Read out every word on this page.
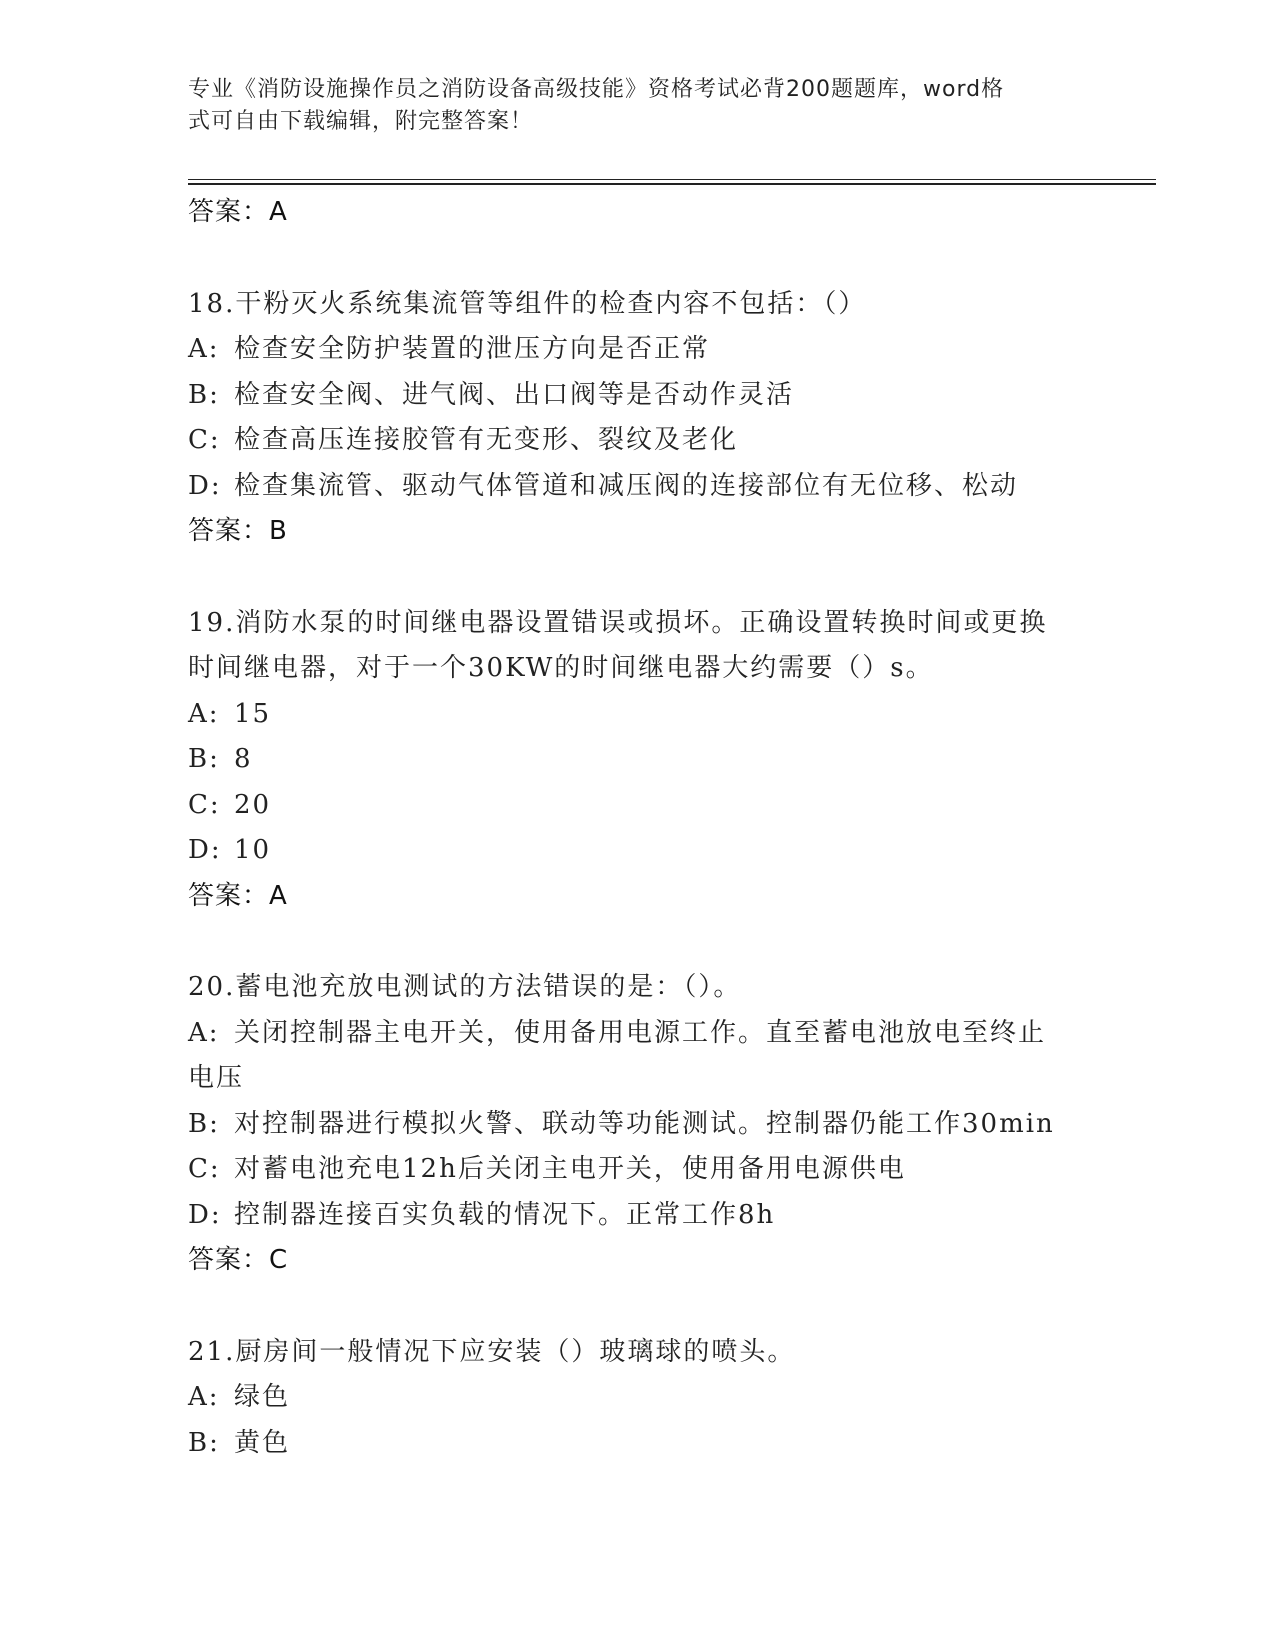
专业《消防设施操作员之消防设备高级技能》资格考试必背200题题库，word格
式可自由下载编辑，附完整答案！
答案：A
18.干粉灭火系统集流管等组件的检查内容不包括：（）
A: 检查安全防护装置的泄压方向是否正常
B: 检查安全阀、进气阀、出口阀等是否动作灵活
C: 检查高压连接胶管有无变形、裂纹及老化
D: 检查集流管、驱动气体管道和减压阀的连接部位有无位移、松动
答案：B
19.消防水泵的时间继电器设置错误或损坏。正确设置转换时间或更换
时间继电器，对于一个30KW的时间继电器大约需要（）s。
A: 15
B: 8
C: 20
D: 10
答案：A
20.蓄电池充放电测试的方法错误的是：（）。
A: 关闭控制器主电开关，使用备用电源工作。直至蓄电池放电至终止
电压
B: 对控制器进行模拟火警、联动等功能测试。控制器仍能工作30min
C: 对蓄电池充电12h后关闭主电开关，使用备用电源供电
D: 控制器连接百实负载的情况下。正常工作8h
答案：C
21.厨房间一般情况下应安装（）玻璃球的喷头。
A: 绿色
B: 黄色
